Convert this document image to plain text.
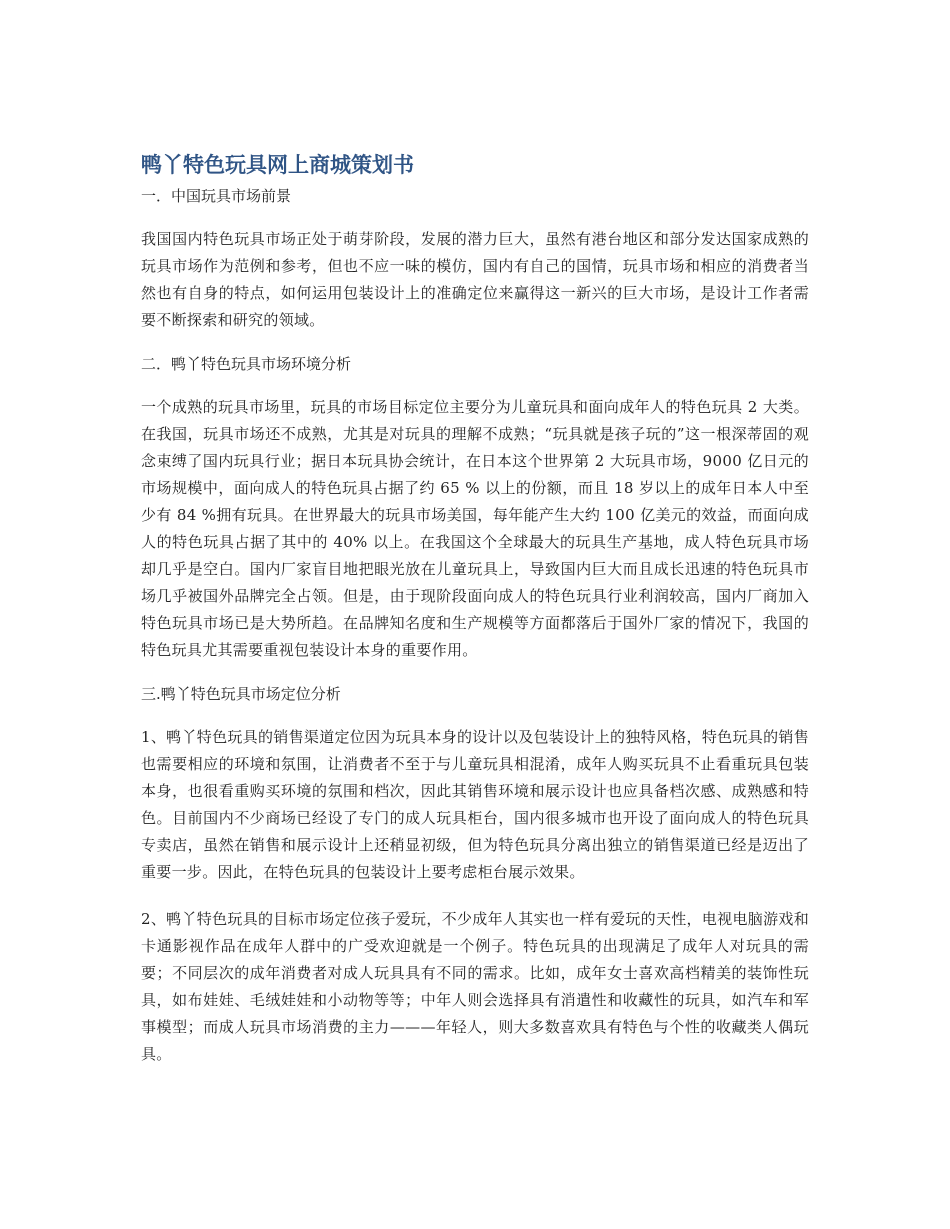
鸭丫特色玩具网上商城策划书

一．中国玩具市场前景

我国国内特色玩具市场正处于萌芽阶段，发展的潜力巨大，虽然有港台地区和部分发达国家成熟的玩具市场作为范例和参考，但也不应一味的模仿，国内有自己的国情，玩具市场和相应的消费者当然也有自身的特点，如何运用包装设计上的准确定位来赢得这一新兴的巨大市场，是设计工作者需要不断探索和研究的领域。

二．鸭丫特色玩具市场环境分析

一个成熟的玩具市场里，玩具的市场目标定位主要分为儿童玩具和面向成年人的特色玩具 2 大类。在我国，玩具市场还不成熟，尤其是对玩具的理解不成熟；“玩具就是孩子玩的”这一根深蒂固的观念束缚了国内玩具行业；据日本玩具协会统计，在日本这个世界第 2 大玩具市场，9000 亿日元的市场规模中，面向成人的特色玩具占据了约 65 % 以上的份额，而且 18 岁以上的成年日本人中至少有 84 %拥有玩具。在世界最大的玩具市场美国，每年能产生大约 100 亿美元的效益，而面向成人的特色玩具占据了其中的 40% 以上。在我国这个全球最大的玩具生产基地，成人特色玩具市场却几乎是空白。国内厂家盲目地把眼光放在儿童玩具上，导致国内巨大而且成长迅速的特色玩具市场几乎被国外品牌完全占领。但是，由于现阶段面向成人的特色玩具行业利润较高，国内厂商加入特色玩具市场已是大势所趋。在品牌知名度和生产规模等方面都落后于国外厂家的情况下，我国的特色玩具尤其需要重视包装设计本身的重要作用。

三.鸭丫特色玩具市场定位分析

1、鸭丫特色玩具的销售渠道定位因为玩具本身的设计以及包装设计上的独特风格，特色玩具的销售也需要相应的环境和氛围，让消费者不至于与儿童玩具相混淆，成年人购买玩具不止看重玩具包装本身，也很看重购买环境的氛围和档次，因此其销售环境和展示设计也应具备档次感、成熟感和特色。目前国内不少商场已经设了专门的成人玩具柜台，国内很多城市也开设了面向成人的特色玩具专卖店，虽然在销售和展示设计上还稍显初级，但为特色玩具分离出独立的销售渠道已经是迈出了重要一步。因此，在特色玩具的包装设计上要考虑柜台展示效果。

2、鸭丫特色玩具的目标市场定位孩子爱玩，不少成年人其实也一样有爱玩的天性，电视电脑游戏和卡通影视作品在成年人群中的广受欢迎就是一个例子。特色玩具的出现满足了成年人对玩具的需要；不同层次的成年消费者对成人玩具具有不同的需求。比如，成年女士喜欢高档精美的装饰性玩具，如布娃娃、毛绒娃娃和小动物等等；中年人则会选择具有消遣性和收藏性的玩具，如汽车和军事模型；而成人玩具市场消费的主力———年轻人，则大多数喜欢具有特色与个性的收藏类人偶玩具。
